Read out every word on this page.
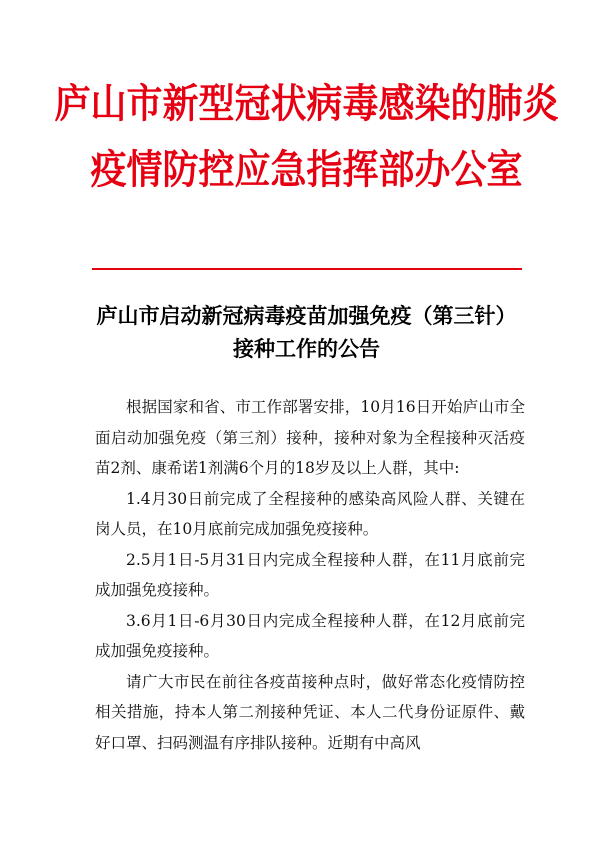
庐山市新型冠状病毒感染的肺炎
疫情防控应急指挥部办公室
庐山市启动新冠病毒疫苗加强免疫（第三针）
接种工作的公告

根据国家和省、市工作部署安排，10月16日开始庐山市全面启动加强免疫（第三剂）接种，接种对象为全程接种灭活疫苗2剂、康希诺1剂满6个月的18岁及以上人群，其中:

1.4月30日前完成了全程接种的感染高风险人群、关键在岗人员，在10月底前完成加强免疫接种。

2.5月1日-5月31日内完成全程接种人群，在11月底前完成加强免疫接种。

3.6月1日-6月30日内完成全程接种人群，在12月底前完成加强免疫接种。

请广大市民在前往各疫苗接种点时，做好常态化疫情防控相关措施，持本人第二剂接种凭证、本人二代身份证原件、戴好口罩、扫码测温有序排队接种。近期有中高风
